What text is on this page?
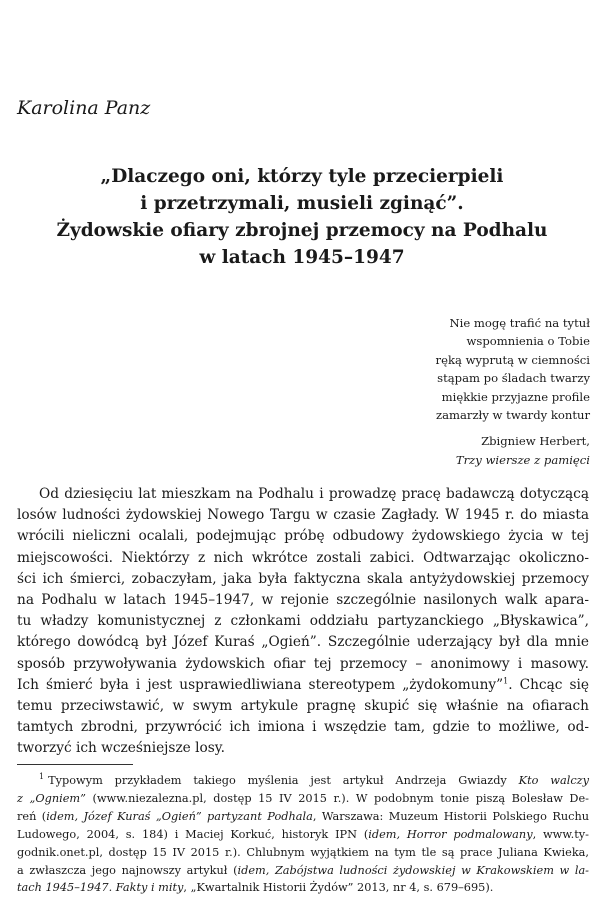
Karolina Panz
„Dlaczego oni, którzy tyle przecierpieli
i przetrzymali, musieli zginąć”.
Żydowskie ofiary zbrojnej przemocy na Podhalu
w latach 1945–1947
Nie mogę trafić na tytuł
wspomnienia o Tobie
ręką wyprutą w ciemności
stąpam po śladach twarzy
miękkie przyjazne profile
zamarzły w twardy kontur
Zbigniew Herbert,
Trzy wiersze z pamięci
Od dziesięciu lat mieszkam na Podhalu i prowadzę pracę badawczą dotyczącą
losów ludności żydowskiej Nowego Targu w czasie Zagłady. W 1945 r. do miasta
wrócili nieliczni ocalali, podejmując próbę odbudowy żydowskiego życia w tej
miejscowości. Niektórzy z nich wkrótce zostali zabici. Odtwarzając okoliczno-
ści ich śmierci, zobaczyłam, jaka była faktyczna skala antyżydowskiej przemocy
na Podhalu w latach 1945–1947, w rejonie szczególnie nasilonych walk apara-
tu władzy komunistycznej z członkami oddziału partyzanckiego „Błyskawica”,
którego dowódcą był Józef Kuraś „Ogień”. Szczególnie uderzający był dla mnie
sposób przywoływania żydowskich ofiar tej przemocy – anonimowy i masowy.
Ich śmierć była i jest usprawiedliwiana stereotypem „żydokomuny”$^1$. Chcąc się
temu przeciwstawić, w swym artykule pragnę skupić się właśnie na ofiarach
tamtych zbrodni, przywrócić ich imiona i wszędzie tam, gdzie to możliwe, od-
tworzyć ich wcześniejsze losy.
$^1$ Typowym przykładem takiego myślenia jest artykuł Andrzeja Gwiazdy Kto walczy
z „Ogniem” (www.niezalezna.pl, dostęp 15 IV 2015 r.). W podobnym tonie piszą Bolesław De-
reń (idem, Józef Kuraś „Ogień” partyzant Podhala, Warszawa: Muzeum Historii Polskiego Ruchu
Ludowego, 2004, s. 184) i Maciej Korkuć, historyk IPN (idem, Horror podmalowany, www.ty-
godnik.onet.pl, dostęp 15 IV 2015 r.). Chlubnym wyjątkiem na tym tle są prace Juliana Kwieka,
a zwłaszcza jego najnowszy artykuł (idem, Zabójstwa ludności żydowskiej w Krakowskiem w la-
tach 1945–1947. Fakty i mity, „Kwartalnik Historii Żydów” 2013, nr 4, s. 679–695).
